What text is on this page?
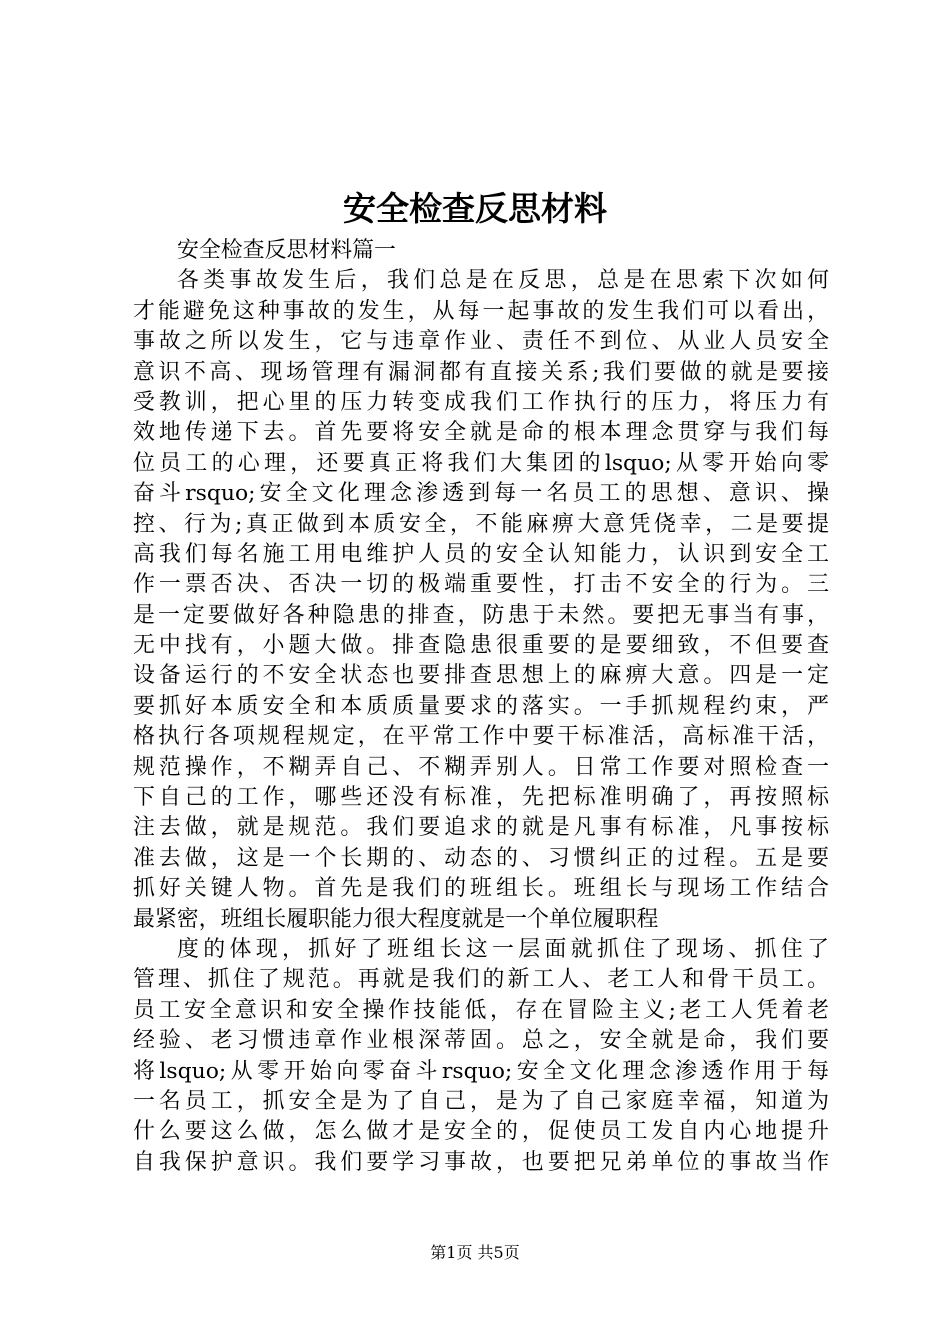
安全检查反思材料
安全检查反思材料篇一
各类事故发生后，我们总是在反思，总是在思索下次如何
才能避免这种事故的发生，从每一起事故的发生我们可以看出，
事故之所以发生，它与违章作业、责任不到位、从业人员安全
意识不高、现场管理有漏洞都有直接关系;我们要做的就是要接
受教训，把心里的压力转变成我们工作执行的压力，将压力有
效地传递下去。首先要将安全就是命的根本理念贯穿与我们每
位员工的心理，还要真正将我们大集团的lsquo;从零开始向零
奋斗rsquo;安全文化理念渗透到每一名员工的思想、意识、操
控、行为;真正做到本质安全，不能麻痹大意凭侥幸，二是要提
高我们每名施工用电维护人员的安全认知能力，认识到安全工
作一票否决、否决一切的极端重要性，打击不安全的行为。三
是一定要做好各种隐患的排查，防患于未然。要把无事当有事，
无中找有，小题大做。排查隐患很重要的是要细致，不但要查
设备运行的不安全状态也要排查思想上的麻痹大意。四是一定
要抓好本质安全和本质质量要求的落实。一手抓规程约束，严
格执行各项规程规定，在平常工作中要干标准活，高标准干活，
规范操作，不糊弄自己、不糊弄别人。日常工作要对照检查一
下自己的工作，哪些还没有标准，先把标准明确了，再按照标
注去做，就是规范。我们要追求的就是凡事有标准，凡事按标
准去做，这是一个长期的、动态的、习惯纠正的过程。五是要
抓好关键人物。首先是我们的班组长。班组长与现场工作结合
最紧密，班组长履职能力很大程度就是一个单位履职程
度的体现，抓好了班组长这一层面就抓住了现场、抓住了
管理、抓住了规范。再就是我们的新工人、老工人和骨干员工。
员工安全意识和安全操作技能低，存在冒险主义;老工人凭着老
经验、老习惯违章作业根深蒂固。总之，安全就是命，我们要
将lsquo;从零开始向零奋斗rsquo;安全文化理念渗透作用于每
一名员工，抓安全是为了自己，是为了自己家庭幸福，知道为
什么要这么做，怎么做才是安全的，促使员工发自内心地提升
自我保护意识。我们要学习事故，也要把兄弟单位的事故当作
第1页 共5页
